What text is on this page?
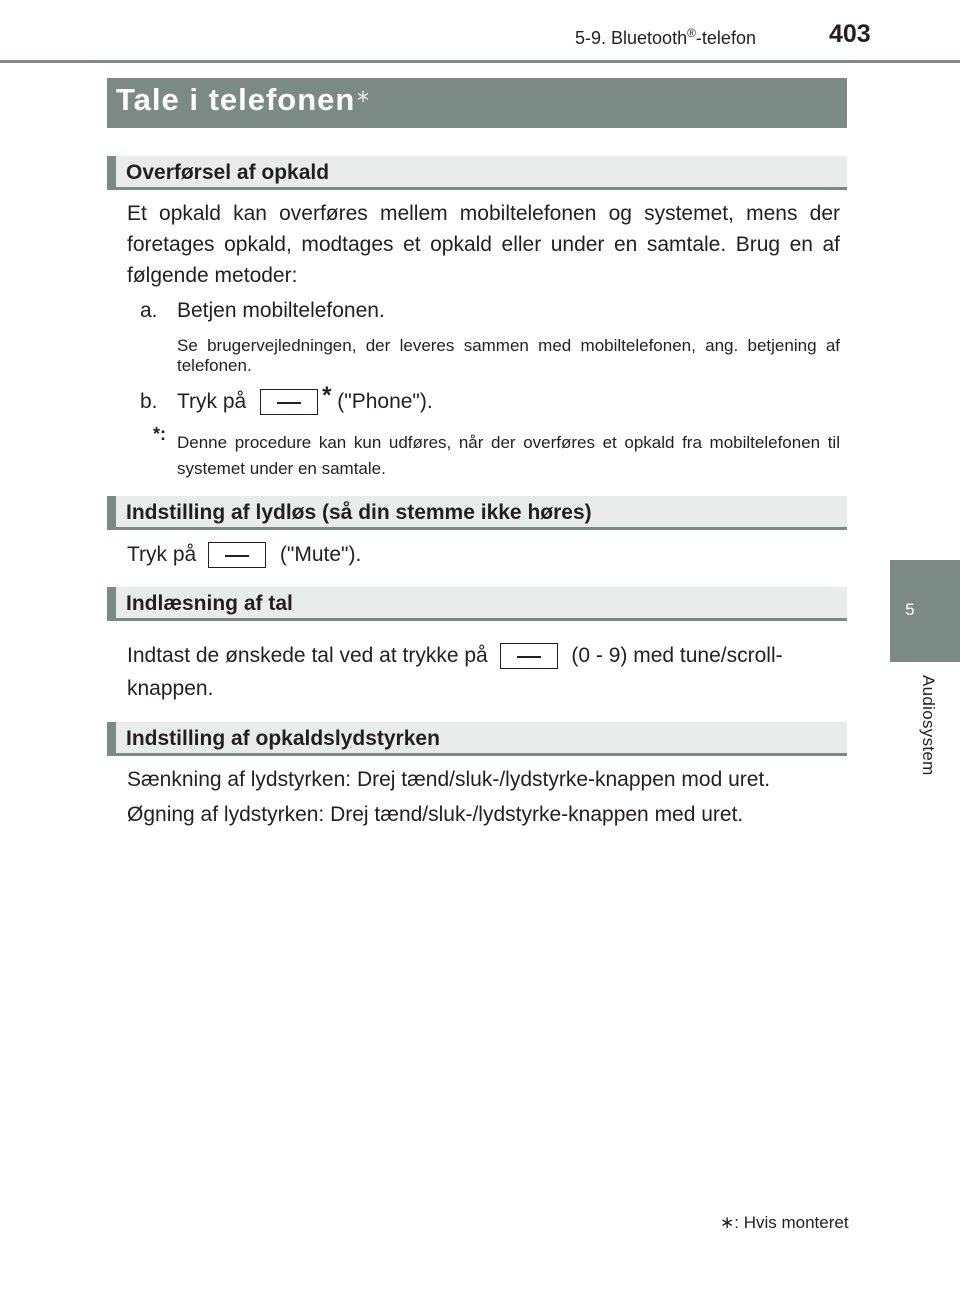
5-9. Bluetooth®-telefon	403
5
Audiosystem
Tale i telefonen∗
Overførsel af opkald
Et opkald kan overføres mellem mobiltelefonen og systemet, mens der foretages opkald, modtages et opkald eller under en samtale. Brug en af følgende metoder:
a. Betjen mobiltelefonen.
Se brugervejledningen, der leveres sammen med mobiltelefonen, ang. betjening af telefonen.
b. Tryk på	* ("Phone").
*: Denne procedure kan kun udføres, når der overføres et opkald fra mobiltelefonen til systemet under en samtale.
Indstilling af lydløs (så din stemme ikke høres)
Tryk på	("Mute").
Indlæsning af tal
Indtast de ønskede tal ved at trykke på	(0 - 9) med tune/scroll-
knappen.
Indstilling af opkaldslydstyrken
Sænkning af lydstyrken: Drej tænd/sluk-/lydstyrke-knappen mod uret.
Øgning af lydstyrken: Drej tænd/sluk-/lydstyrke-knappen med uret.
∗: Hvis monteret
